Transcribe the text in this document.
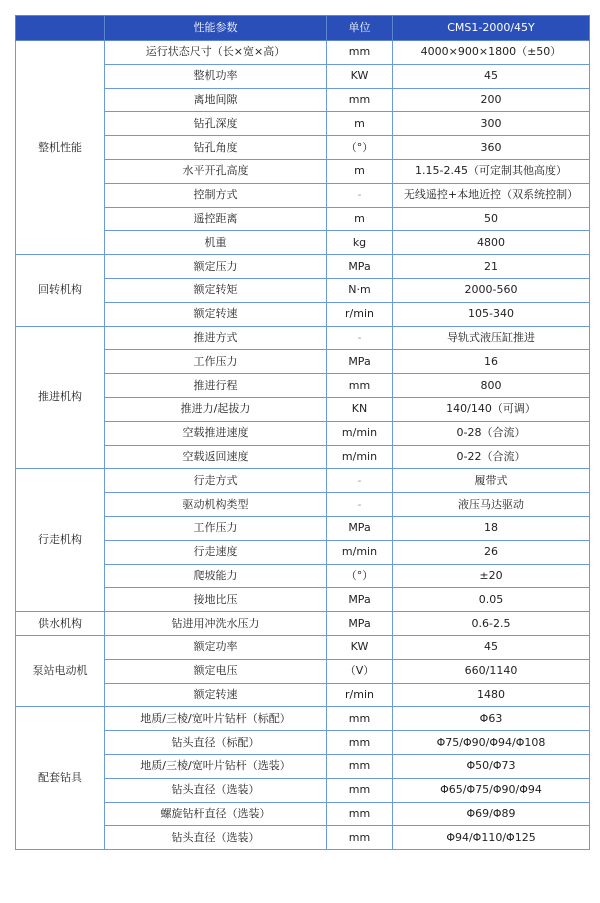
	性能参数	单位	CMS1-2000/45Y
整机性能	运行状态尺寸（长×宽×高）	mm	4000×900×1800（±50）
	整机功率	KW	45
	离地间隙	mm	200
	钻孔深度	m	300
	钻孔角度	（°）	360
	水平开孔高度	m	1.15-2.45（可定制其他高度）
	控制方式	-	无线遥控+本地近控（双系统控制）
	遥控距离	m	50
	机重	kg	4800
回转机构	额定压力	MPa	21
	额定转矩	N·m	2000-560
	额定转速	r/min	105-340
推进机构	推进方式	-	导轨式液压缸推进
	工作压力	MPa	16
	推进行程	mm	800
	推进力/起拔力	KN	140/140（可调）
	空载推进速度	m/min	0-28（合流）
	空载返回速度	m/min	0-22（合流）
行走机构	行走方式	-	履带式
	驱动机构类型	-	液压马达驱动
	工作压力	MPa	18
	行走速度	m/min	26
	爬坡能力	（°）	±20
	接地比压	MPa	0.05
供水机构	钻进用冲洗水压力	MPa	0.6-2.5
泵站电动机	额定功率	KW	45
	额定电压	（V）	660/1140
	额定转速	r/min	1480
配套钻具	地质/三棱/宽叶片钻杆（标配）	mm	Φ63
	钻头直径（标配）	mm	Φ75/Φ90/Φ94/Φ108
	地质/三棱/宽叶片钻杆（选装）	mm	Φ50/Φ73
	钻头直径（选装）	mm	Φ65/Φ75/Φ90/Φ94
	螺旋钻杆直径（选装）	mm	Φ69/Φ89
	钻头直径（选装）	mm	Φ94/Φ110/Φ125
